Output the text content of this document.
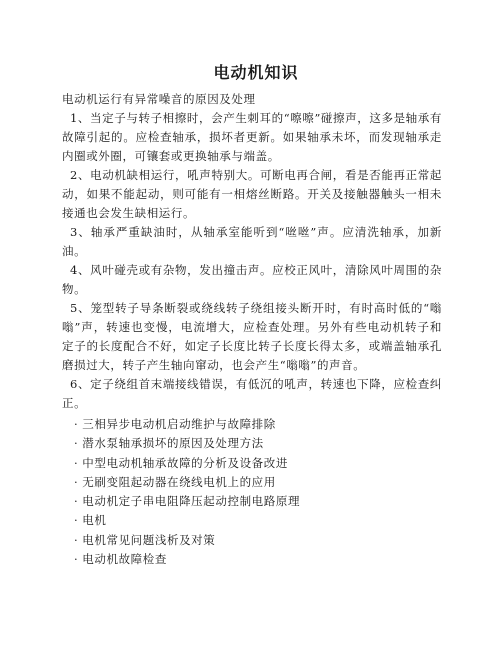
电动机知识

电动机运行有异常噪音的原因及处理

1、当定子与转子相擦时，会产生刺耳的“嚓嚓”碰擦声，这多是轴承有故障引起的。应检查轴承，损坏者更新。如果轴承未坏，而发现轴承走内圈或外圈，可镶套或更换轴承与端盖。

2、电动机缺相运行，吼声特别大。可断电再合闸，看是否能再正常起动，如果不能起动，则可能有一相熔丝断路。开关及接触器触头一相未接通也会发生缺相运行。

3、轴承严重缺油时，从轴承室能听到“咝咝”声。应清洗轴承，加新油。

4、风叶碰壳或有杂物，发出撞击声。应校正风叶，清除风叶周围的杂物。

5、笼型转子导条断裂或绕线转子绕组接头断开时，有时高时低的“嗡嗡”声，转速也变慢，电流增大，应检查处理。另外有些电动机转子和定子的长度配合不好，如定子长度比转子长度长得太多，或端盖轴承孔磨损过大，转子产生轴向窜动，也会产生“嗡嗡”的声音。

6、定子绕组首末端接线错误，有低沉的吼声，转速也下降，应检查纠正。

· 三相异步电动机启动维护与故障排除
· 潜水泵轴承损坏的原因及处理方法
· 中型电动机轴承故障的分析及设备改进
· 无刷变阻起动器在绕线电机上的应用
· 电动机定子串电阻降压起动控制电路原理
· 电机
· 电机常见问题浅析及对策
· 电动机故障检查
